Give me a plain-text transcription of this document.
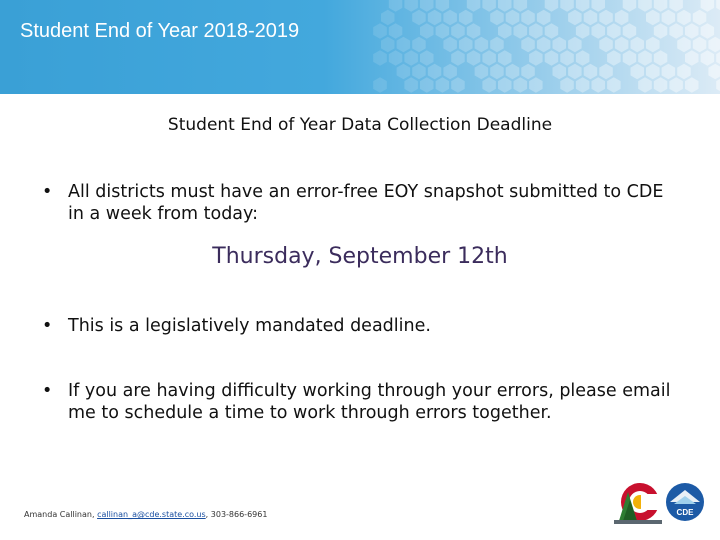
Student End of Year 2018-2019
Student End of Year Data Collection Deadline
• All districts must have an error-free EOY snapshot submitted to CDE in a week from today:
Thursday, September 12th
• This is a legislatively mandated deadline.
• If you are having difficulty working through your errors, please email me to schedule a time to work through errors together.
Amanda Callinan, callinan_a@cde.state.co.us, 303-866-6961	CDE
